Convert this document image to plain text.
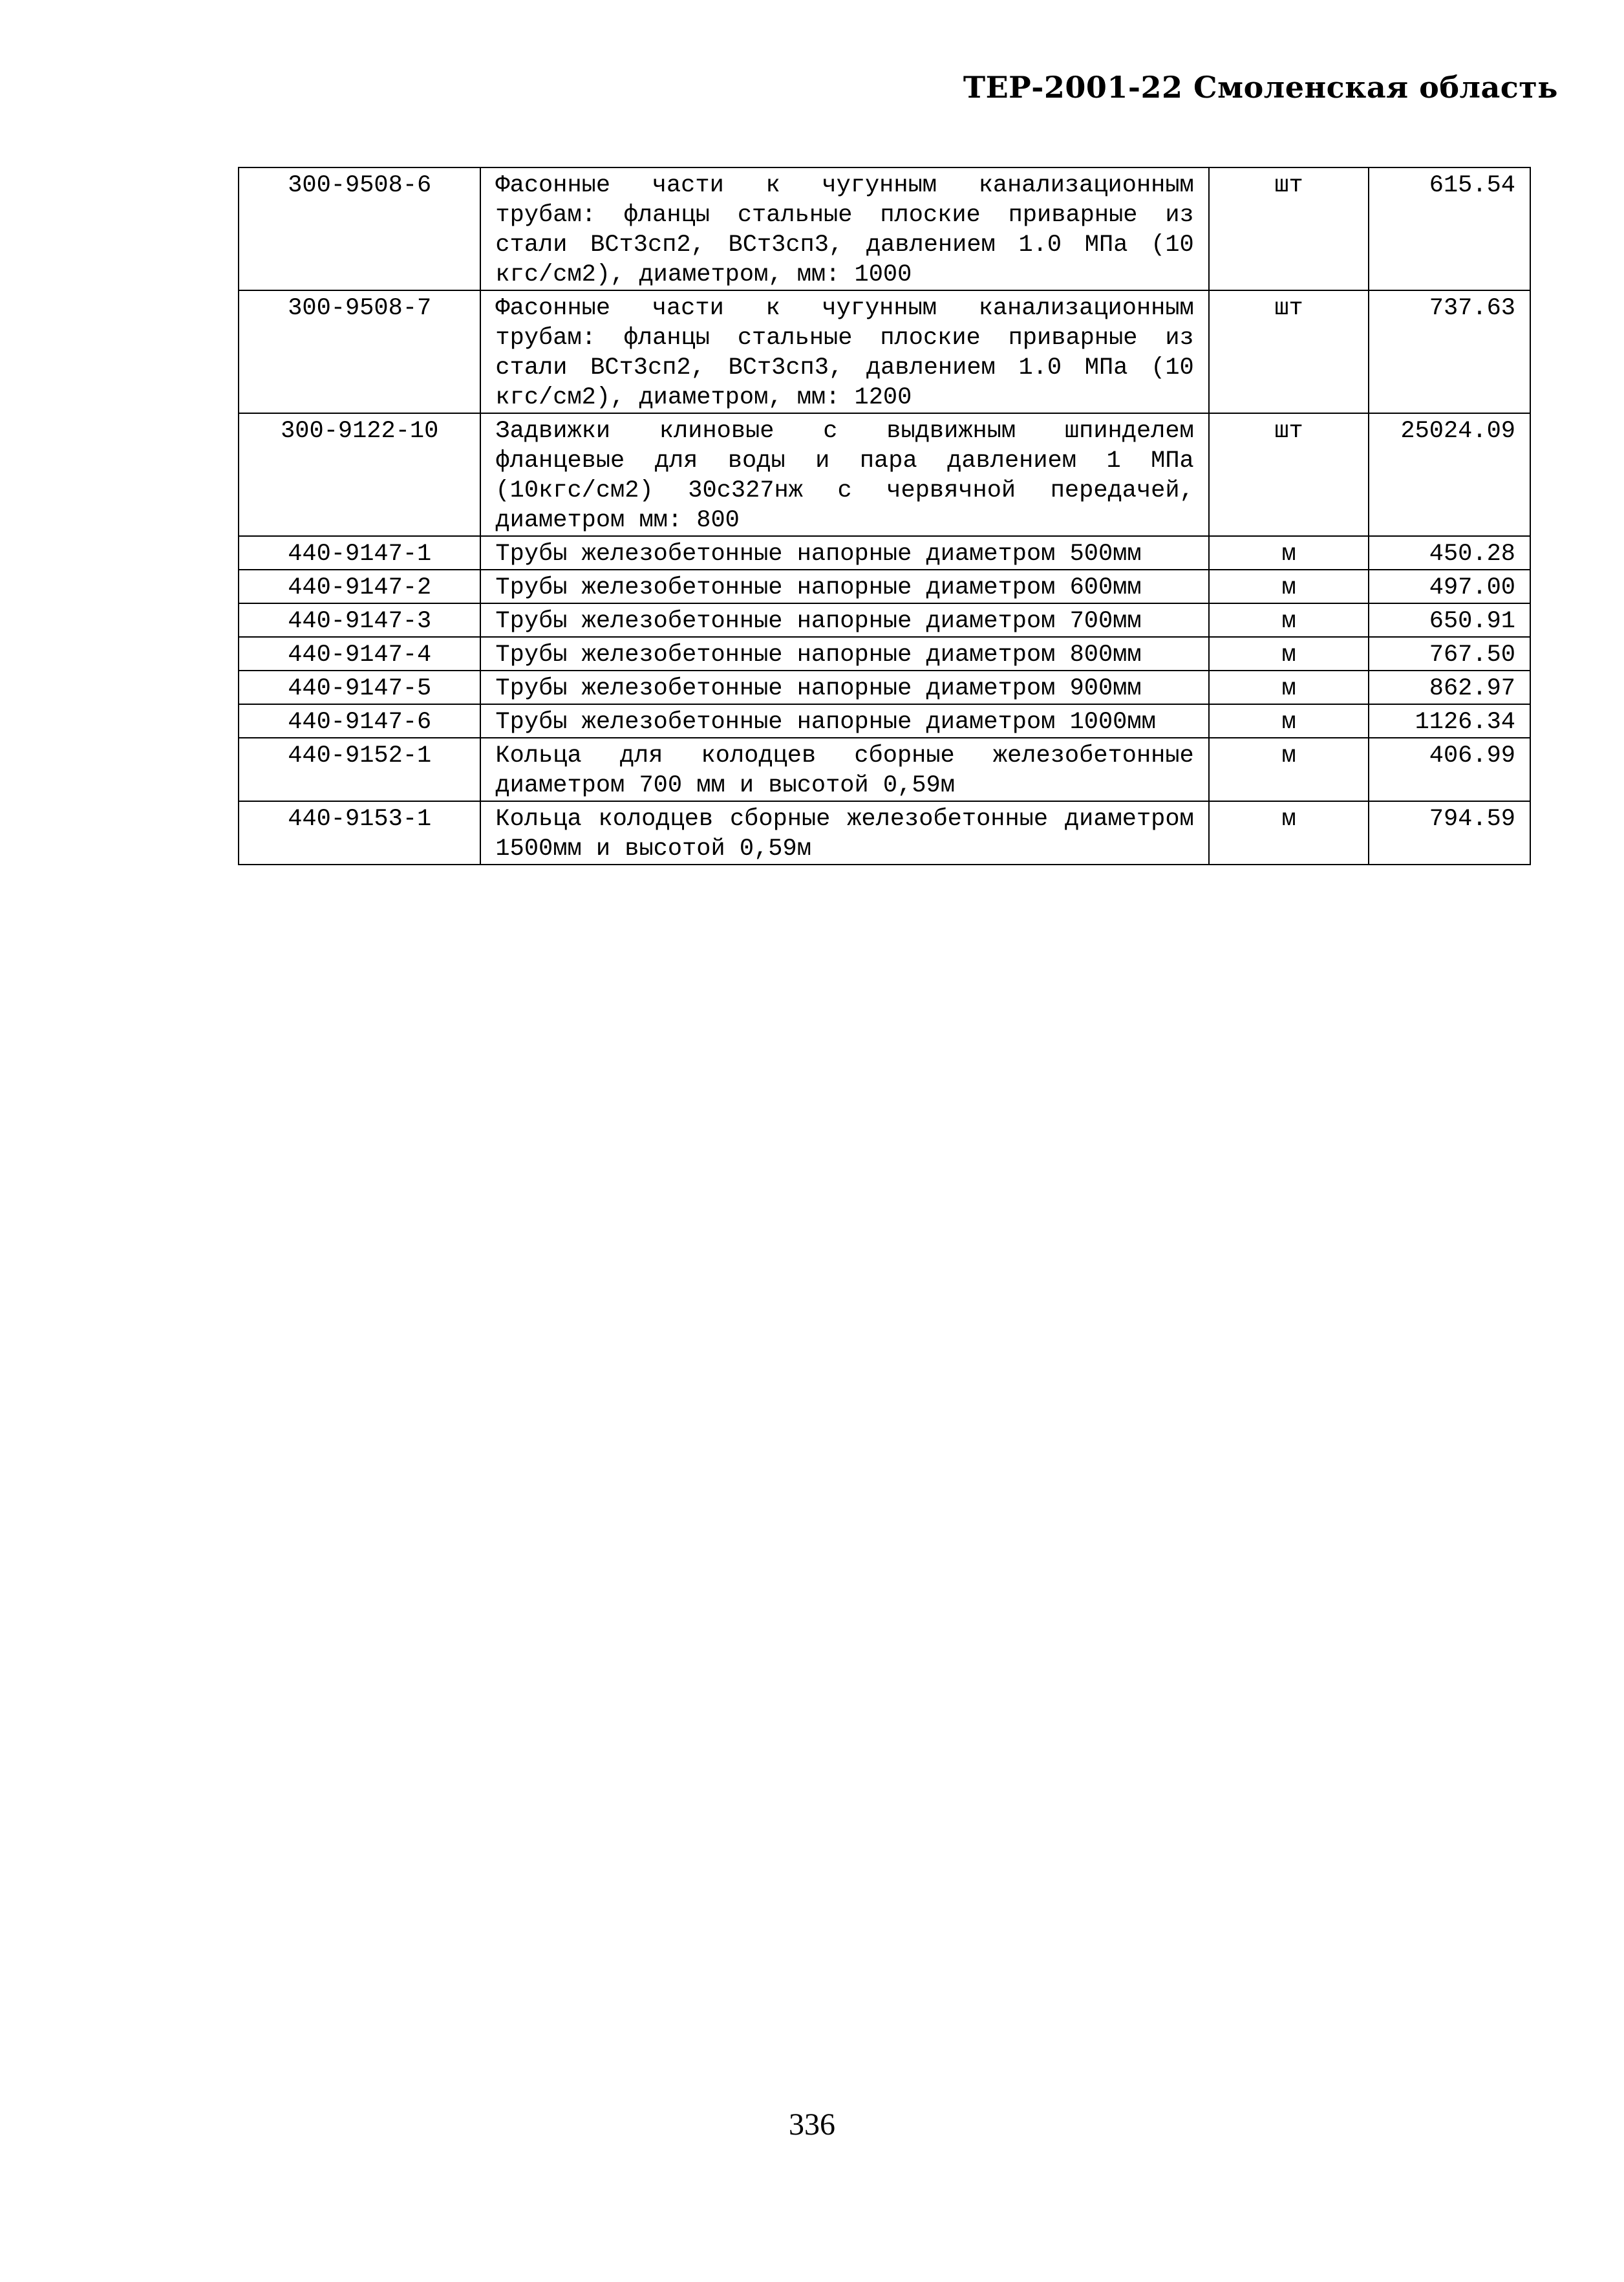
ТЕР-2001-22 Смоленская область
300-9508-6	Фасонные части к чугунным канализационным трубам: фланцы стальные плоские приварные из стали ВСт3сп2, ВСт3сп3, давлением 1.0 МПа (10 кгс/см2), диаметром, мм: 1000	шт	615.54
300-9508-7	Фасонные части к чугунным канализационным трубам: фланцы стальные плоские приварные из стали ВСт3сп2, ВСт3сп3, давлением 1.0 МПа (10 кгс/см2), диаметром, мм: 1200	шт	737.63
300-9122-10	Задвижки клиновые с выдвижным шпинделем фланцевые для воды и пара давлением 1 МПа (10кгс/см2) 30с327нж с червячной передачей, диаметром мм: 800	шт	25024.09
440-9147-1	Трубы железобетонные напорные диаметром 500мм	м	450.28
440-9147-2	Трубы железобетонные напорные диаметром 600мм	м	497.00
440-9147-3	Трубы железобетонные напорные диаметром 700мм	м	650.91
440-9147-4	Трубы железобетонные напорные диаметром 800мм	м	767.50
440-9147-5	Трубы железобетонные напорные диаметром 900мм	м	862.97
440-9147-6	Трубы железобетонные напорные диаметром 1000мм	м	1126.34
440-9152-1	Кольца для колодцев сборные железобетонные диаметром 700 мм и высотой 0,59м	м	406.99
440-9153-1	Кольца колодцев сборные железобетонные диаметром 1500мм и высотой 0,59м	м	794.59
336
